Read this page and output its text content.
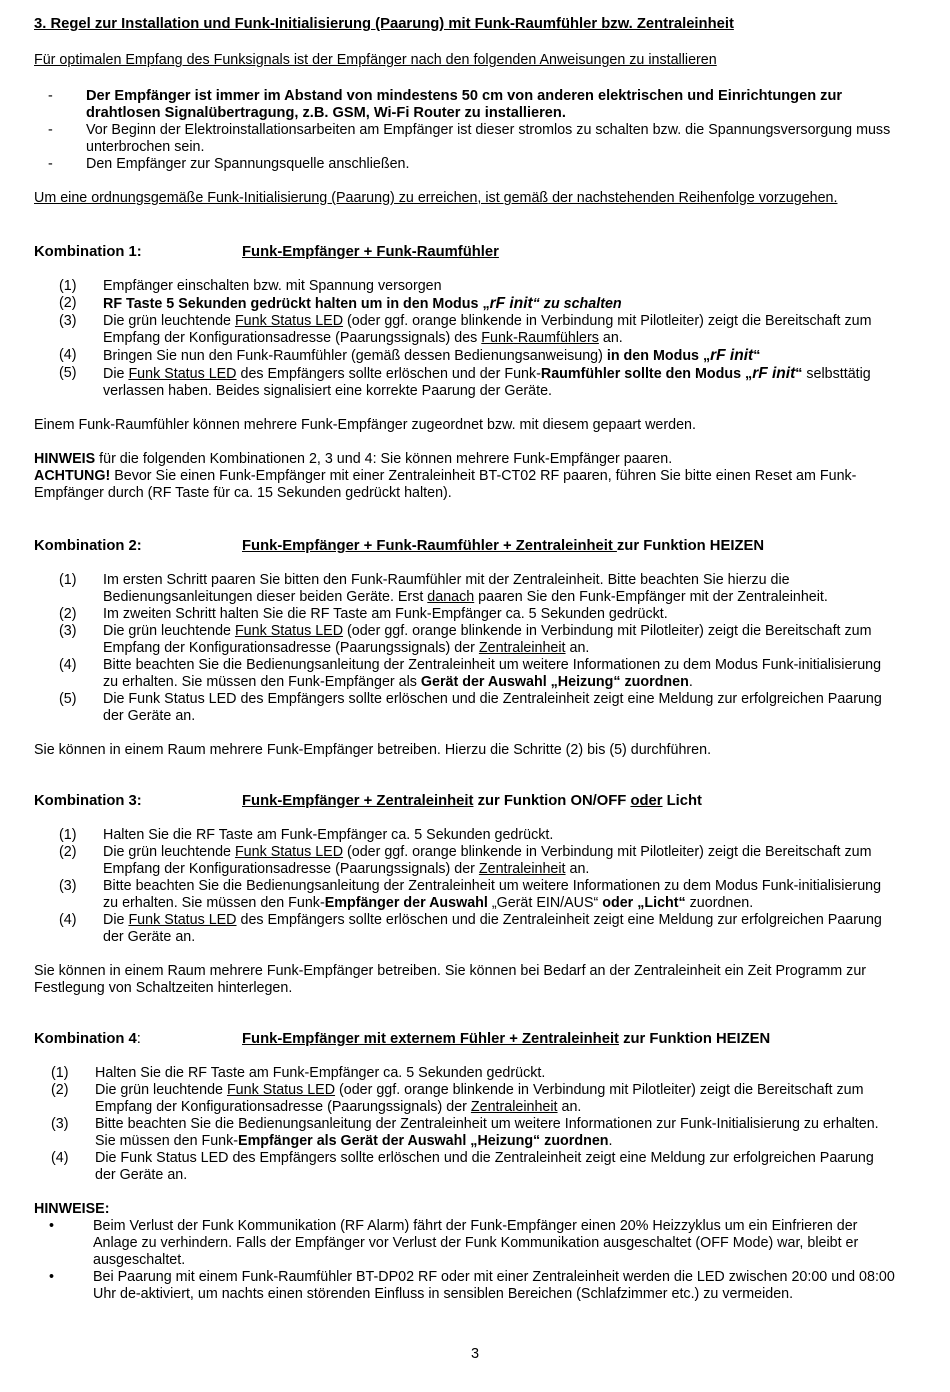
3. Regel zur Installation und Funk-Initialisierung (Paarung) mit Funk-Raumfühler bzw. Zentraleinheit

Für optimalen Empfang des Funksignals ist der Empfänger nach den folgenden Anweisungen zu installieren

-	Der Empfänger ist immer im Abstand von mindestens 50 cm von anderen elektrischen und Einrichtungen zur drahtlosen Signalübertragung, z.B. GSM, Wi-Fi Router zu installieren.
-	Vor Beginn der Elektroinstallationsarbeiten am Empfänger ist dieser stromlos zu schalten bzw. die Spannungsversorgung muss unterbrochen sein.
-	Den Empfänger zur Spannungsquelle anschließen.

Um eine ordnungsgemäße Funk-Initialisierung (Paarung) zu erreichen, ist gemäß der nachstehenden Reihenfolge vorzugehen.

Kombination 1:	Funk-Empfänger + Funk-Raumfühler
(1)	Empfänger einschalten bzw. mit Spannung versorgen
(2)	RF Taste 5 Sekunden gedrückt halten um in den Modus „rF init“ zu schalten
(3)	Die grün leuchtende Funk Status LED (oder ggf. orange blinkende in Verbindung mit Pilotleiter) zeigt die Bereitschaft zum Empfang der Konfigurationsadresse (Paarungssignals) des Funk-Raumfühlers an.
(4)	Bringen Sie nun den Funk-Raumfühler (gemäß dessen Bedienungsanweisung) in den Modus „rF init“
(5)	Die Funk Status LED des Empfängers sollte erlöschen und der Funk-Raumfühler sollte den Modus „rF init“ selbsttätig verlassen haben. Beides signalisiert eine korrekte Paarung der Geräte.

Einem Funk-Raumfühler können mehrere Funk-Empfänger zugeordnet bzw. mit diesem gepaart werden.

HINWEIS für die folgenden Kombinationen 2, 3 und 4: Sie können mehrere Funk-Empfänger paaren.

ACHTUNG! Bevor Sie einen Funk-Empfänger mit einer Zentraleinheit BT-CT02 RF paaren, führen Sie bitte einen Reset am Funk-Empfänger durch (RF Taste für ca. 15 Sekunden gedrückt halten).

Kombination 2:	Funk-Empfänger + Funk-Raumfühler + Zentraleinheit zur Funktion HEIZEN
(1)	Im ersten Schritt paaren Sie bitten den Funk-Raumfühler mit der Zentraleinheit. Bitte beachten Sie hierzu die Bedienungsanleitungen dieser beiden Geräte. Erst danach paaren Sie den Funk-Empfänger mit der Zentraleinheit.
(2)	Im zweiten Schritt halten Sie die RF Taste am Funk-Empfänger ca. 5 Sekunden gedrückt.
(3)	Die grün leuchtende Funk Status LED (oder ggf. orange blinkende in Verbindung mit Pilotleiter) zeigt die Bereitschaft zum Empfang der Konfigurationsadresse (Paarungssignals) der Zentraleinheit an.
(4)	Bitte beachten Sie die Bedienungsanleitung der Zentraleinheit um weitere Informationen zu dem Modus Funk-initialisierung zu erhalten. Sie müssen den Funk-Empfänger als Gerät der Auswahl „Heizung“ zuordnen.
(5)	Die Funk Status LED des Empfängers sollte erlöschen und die Zentraleinheit zeigt eine Meldung zur erfolgreichen Paarung der Geräte an.

Sie können in einem Raum mehrere Funk-Empfänger betreiben. Hierzu die Schritte (2) bis (5) durchführen.

Kombination 3:	Funk-Empfänger + Zentraleinheit zur Funktion ON/OFF oder Licht
(1)	Halten Sie die RF Taste am Funk-Empfänger ca. 5 Sekunden gedrückt.
(2)	Die grün leuchtende Funk Status LED (oder ggf. orange blinkende in Verbindung mit Pilotleiter) zeigt die Bereitschaft zum Empfang der Konfigurationsadresse (Paarungssignals) der Zentraleinheit an.
(3)	Bitte beachten Sie die Bedienungsanleitung der Zentraleinheit um weitere Informationen zu dem Modus Funk-initialisierung zu erhalten. Sie müssen den Funk-Empfänger der Auswahl „Gerät EIN/AUS“ oder „Licht“ zuordnen.
(4)	Die Funk Status LED des Empfängers sollte erlöschen und die Zentraleinheit zeigt eine Meldung zur erfolgreichen Paarung der Geräte an.

Sie können in einem Raum mehrere Funk-Empfänger betreiben. Sie können bei Bedarf an der Zentraleinheit ein Zeit Programm zur Festlegung von Schaltzeiten hinterlegen.

Kombination 4:	Funk-Empfänger mit externem Fühler + Zentraleinheit zur Funktion HEIZEN
(1)	Halten Sie die RF Taste am Funk-Empfänger ca. 5 Sekunden gedrückt.
(2)	Die grün leuchtende Funk Status LED (oder ggf. orange blinkende in Verbindung mit Pilotleiter) zeigt die Bereitschaft zum Empfang der Konfigurationsadresse (Paarungssignals) der Zentraleinheit an.
(3)	Bitte beachten Sie die Bedienungsanleitung der Zentraleinheit um weitere Informationen zur Funk-Initialisierung zu erhalten. Sie müssen den Funk-Empfänger als Gerät der Auswahl „Heizung“ zuordnen.
(4)	Die Funk Status LED des Empfängers sollte erlöschen und die Zentraleinheit zeigt eine Meldung zur erfolgreichen Paarung der Geräte an.

HINWEISE:

•	Beim Verlust der Funk Kommunikation (RF Alarm) fährt der Funk-Empfänger einen 20% Heizzyklus um ein Einfrieren der Anlage zu verhindern. Falls der Empfänger vor Verlust der Funk Kommunikation ausgeschaltet (OFF Mode) war, bleibt er ausgeschaltet.
•	Bei Paarung mit einem Funk-Raumfühler BT-DP02 RF oder mit einer Zentraleinheit werden die LED zwischen 20:00 und 08:00 Uhr de-aktiviert, um nachts einen störenden Einfluss in sensiblen Bereichen (Schlafzimmer etc.) zu vermeiden.
3
